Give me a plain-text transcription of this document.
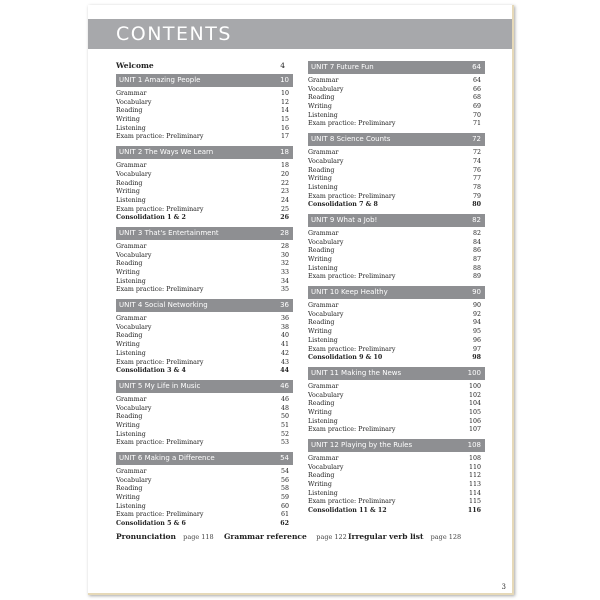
CONTENTS
Welcome	4
UNIT 1 Amazing People	10
Grammar	10
Vocabulary	12
Reading	14
Writing	15
Listening	16
Exam practice: Preliminary	17
UNIT 2 The Ways We Learn	18
Grammar	18
Vocabulary	20
Reading	22
Writing	23
Listening	24
Exam practice: Preliminary	25
Consolidation 1 & 2	26
UNIT 3 That's Entertainment	28
Grammar	28
Vocabulary	30
Reading	32
Writing	33
Listening	34
Exam practice: Preliminary	35
UNIT 4 Social Networking	36
Grammar	36
Vocabulary	38
Reading	40
Writing	41
Listening	42
Exam practice: Preliminary	43
Consolidation 3 & 4	44
UNIT 5 My Life in Music	46
Grammar	46
Vocabulary	48
Reading	50
Writing	51
Listening	52
Exam practice: Preliminary	53
UNIT 6 Making a Difference	54
Grammar	54
Vocabulary	56
Reading	58
Writing	59
Listening	60
Exam practice: Preliminary	61
Consolidation 5 & 6	62
UNIT 7 Future Fun	64
Grammar	64
Vocabulary	66
Reading	68
Writing	69
Listening	70
Exam practice: Preliminary	71
UNIT 8 Science Counts	72
Grammar	72
Vocabulary	74
Reading	76
Writing	77
Listening	78
Exam practice: Preliminary	79
Consolidation 7 & 8	80
UNIT 9 What a Job!	82
Grammar	82
Vocabulary	84
Reading	86
Writing	87
Listening	88
Exam practice: Preliminary	89
UNIT 10 Keep Healthy	90
Grammar	90
Vocabulary	92
Reading	94
Writing	95
Listening	96
Exam practice: Preliminary	97
Consolidation 9 & 10	98
UNIT 11 Making the News	100
Grammar	100
Vocabulary	102
Reading	104
Writing	105
Listening	106
Exam practice: Preliminary	107
UNIT 12 Playing by the Rules	108
Grammar	108
Vocabulary	110
Reading	112
Writing	113
Listening	114
Exam practice: Preliminary	115
Consolidation 11 & 12	116
Pronunciation page 118 Grammar reference page 122 Irregular verb list page 128
3
